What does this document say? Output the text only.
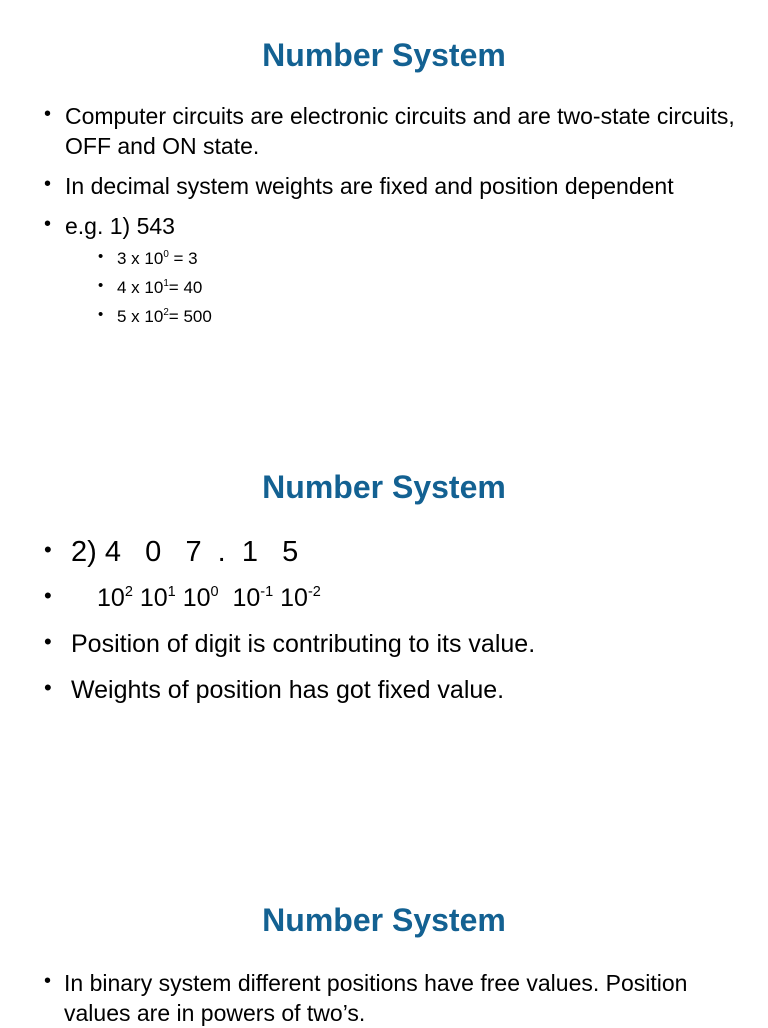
Number System
• Computer circuits are electronic circuits and are two-state circuits, OFF and ON state.
• In decimal system weights are fixed and position dependent
• e.g. 1) 543
• 3 x $10^0 = 3$
• 4 x $10^1= 40$
• 5 x $10^2= 500$
Number System
• 2) 4   0   7  .  1   5
• $10^2$ $10^1$ $10^0$ $10^{-1}$ $10^{-2}$
• Position of digit is contributing to its value.
• Weights of position has got fixed value.
Number System
• In binary system different positions have free values. Position values are in powers of two’s.
